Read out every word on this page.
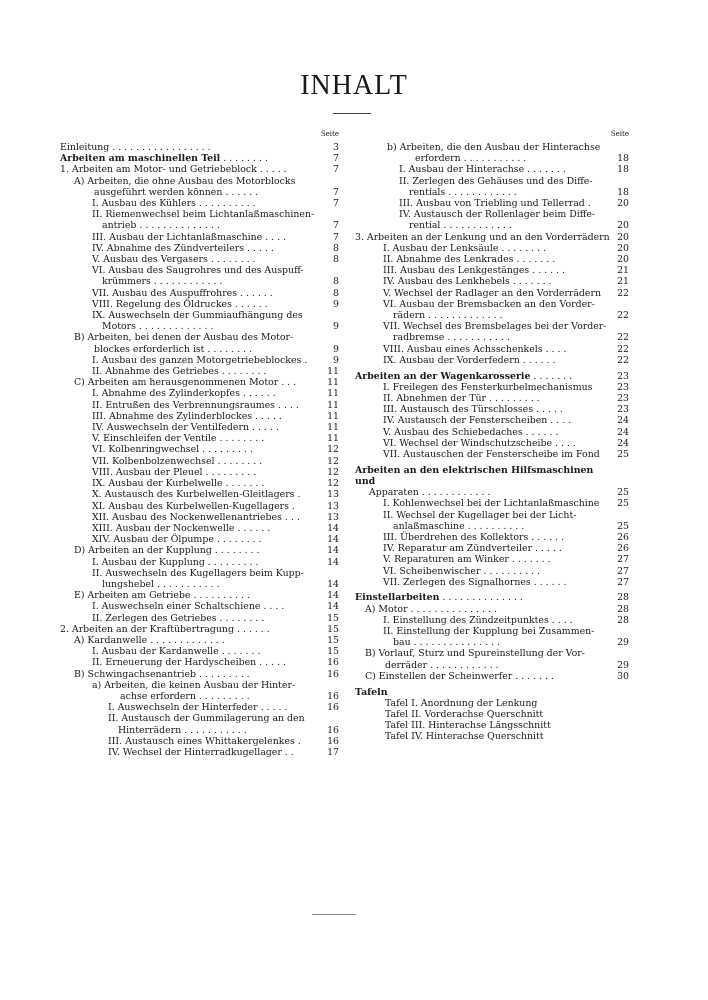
INHALT
Seite
Einleitung . . . . . . . . . . . . . . . . .	3
Arbeiten am maschinellen Teil . . . . . . . .	7
1. Arbeiten am Motor- und Getriebeblock . . . . .	7
A) Arbeiten, die ohne Ausbau des Motorblocks
ausgeführt werden können . . . . . .	7
I. Ausbau des Kühlers . . . . . . . . . .	7
II. Riemenwechsel beim Lichtanlaßmaschinen-
antrieb . . . . . . . . . . . . . .	7
III. Ausbau der Lichtanlaßmaschine . . . .	7
IV. Abnahme des Zündverteilers . . . . .	8
V. Ausbau des Vergasers . . . . . . . .	8
VI. Ausbau des Saugrohres und des Auspuff-
krümmers . . . . . . . . . . . .	8
VII. Ausbau des Auspuffrohres . . . . . .	8
VIII. Regelung des Öldruckes . . . . . .	9
IX. Auswechseln der Gummiaufhängung des
Motors . . . . . . . . . . . . .	9
B) Arbeiten, bei denen der Ausbau des Motor-
blockes erforderlich ist . . . . . . . .	9
I. Ausbau des ganzen Motorgetriebeblockes .	9
II. Abnahme des Getriebes . . . . . . . .	11
C) Arbeiten am herausgenommenen Motor . . .	11
I. Abnahme des Zylinderkopfes . . . . . .	11
II. Entrußen des Verbrennungsraumes . . . .	11
III. Abnahme des Zylinderblockes . . . . .	11
IV. Auswechseln der Ventilfedern . . . . .	11
V. Einschleifen der Ventile . . . . . . . .	11
VI. Kolbenringwechsel . . . . . . . . .	12
VII. Kolbenbolzenwechsel . . . . . . . .	12
VIII. Ausbau der Pleuel . . . . . . . . .	12
IX. Ausbau der Kurbelwelle . . . . . . .	12
X. Austausch des Kurbelwellen-Gleitlagers .	13
XI. Ausbau des Kurbelwellen-Kugellagers .	13
XII. Ausbau des Nockenwellenantriebes . . .	13
XIII. Ausbau der Nockenwelle . . . . . .	14
XIV. Ausbau der Ölpumpe . . . . . . . .	14
D) Arbeiten an der Kupplung . . . . . . . .	14
I. Ausbau der Kupplung . . . . . . . . .	14
II. Auswechseln des Kugellagers beim Kupp-
lungshebel . . . . . . . . . . .	14
E) Arbeiten am Getriebe . . . . . . . . . .	14
I. Auswechseln einer Schaltschiene . . . .	14
II. Zerlegen des Getriebes . . . . . . . .	15
2. Arbeiten an der Kraftübertragung . . . . . .	15
A) Kardanwelle . . . . . . . . . . . . .	15
I. Ausbau der Kardanwelle . . . . . . .	15
II. Erneuerung der Hardyscheiben . . . . .	16
B) Schwingachsenantrieb . . . . . . . . .	16
a) Arbeiten, die keinen Ausbau der Hinter-
achse erfordern . . . . . . . . .	16
I. Auswechseln der Hinterfeder . . . . .	16
II. Austausch der Gummilagerung an den
Hinterrädern . . . . . . . . . . .	16
III. Austausch eines Whittakergelenkes .	16
IV. Wechsel der Hinterradkugellager . .	17
Seite
b) Arbeiten, die den Ausbau der Hinterachse
erfordern . . . . . . . . . . .	18
I. Ausbau der Hinterachse . . . . . . .	18
II. Zerlegen des Gehäuses und des Diffe-
rentials . . . . . . . . . . . .	18
III. Ausbau von Triebling und Tellerrad .	20
IV. Austausch der Rollenlager beim Diffe-
rential . . . . . . . . . . . .	20
3. Arbeiten an der Lenkung und an den Vorderrädern 20
I. Ausbau der Lenksäule . . . . . . . .	20
II. Abnahme des Lenkrades . . . . . . .	20
III. Ausbau des Lenkgestänges . . . . . .	21
IV. Ausbau des Lenkhebels . . . . . . .	21
V. Wechsel der Radlager an den Vorderrädern 22
VI. Ausbau der Bremsbacken an den Vorder-
rädern . . . . . . . . . . . . .	22
VII. Wechsel des Bremsbelages bei der Vorder-
radbremse . . . . . . . . . . .	22
VIII. Ausbau eines Achsschenkels . . . .	22
IX. Ausbau der Vorderfedern . . . . . .	22
Arbeiten an der Wagenkarosserie . . . . . . .	23
I. Freilegen des Fensterkurbelmechanismus	23
II. Abnehmen der Tür . . . . . . . . .	23
III. Austausch des Türschlosses . . . . .	23
IV. Austausch der Fensterscheiben . . . .	24
V. Ausbau des Schiebedaches . . . . . .	24
VI. Wechsel der Windschutzscheibe . . . .	24
VII. Austauschen der Fensterscheibe im Fond 25
Arbeiten an den elektrischen Hilfsmaschinen und
Apparaten . . . . . . . . . . . .	25
I. Kohlenwechsel bei der Lichtanlaßmaschine 25
II. Wechsel der Kugellager bei der Licht-
anlaßmaschine . . . . . . . . . .	25
III. Überdrehen des Kollektors . . . . . .	26
IV. Reparatur am Zündverteiler . . . . .	26
V. Reparaturen am Winker . . . . . . .	27
VI. Scheibenwischer . . . . . . . . . .	27
VII. Zerlegen des Signalhornes . . . . . .	27
Einstellarbeiten . . . . . . . . . . . . . .	28
A) Motor . . . . . . . . . . . . . . .	28
I. Einstellung des Zündzeitpunktes . . . .	28
II. Einstellung der Kupplung bei Zusammen-
bau . . . . . . . . . . . . . . .	29
B) Vorlauf, Sturz und Spureinstellung der Vor-
derräder . . . . . . . . . . . .	29
C) Einstellen der Scheinwerfer . . . . . . .	30
Tafeln
Tafel I. Anordnung der Lenkung
Tafel II. Vorderachse Querschnitt
Tafel III. Hinterachse Längsschnitt
Tafel IV. Hinterachse Querschnitt
